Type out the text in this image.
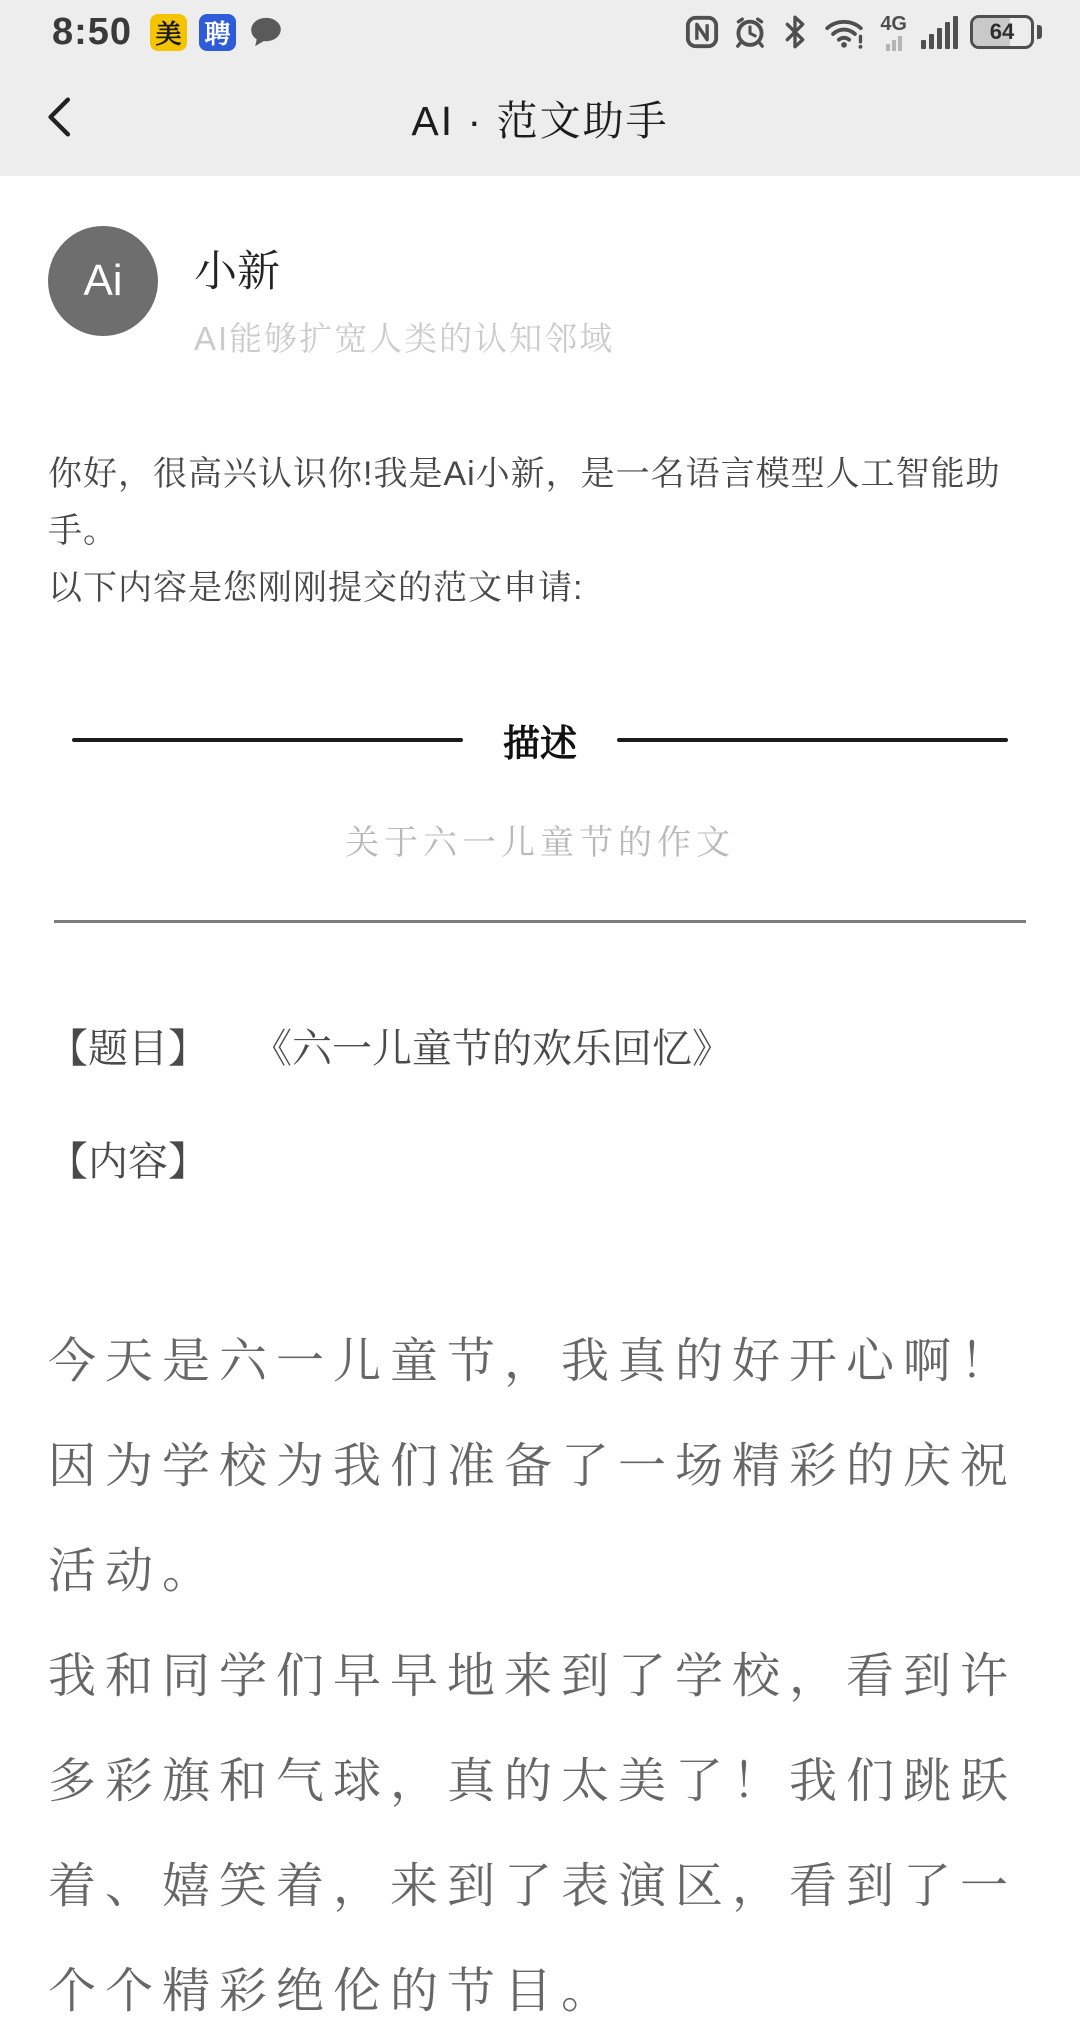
8:50 美 聘	4G	64
AI · 范文助手
Ai	小新
AI能够扩宽人类的认知邻域
你好，很高兴认识你!我是Ai小新，是一名语言模型人工智能助手。
以下内容是您刚刚提交的范文申请:
描述
关于六一儿童节的作文
【题目】 《六一儿童节的欢乐回忆》
【内容】

今天是六一儿童节，我真的好开心啊！因为学校为我们准备了一场精彩的庆祝活动。

我和同学们早早地来到了学校，看到许多彩旗和气球，真的太美了！我们跳跃着、嬉笑着，来到了表演区，看到了一个个精彩绝伦的节目。
